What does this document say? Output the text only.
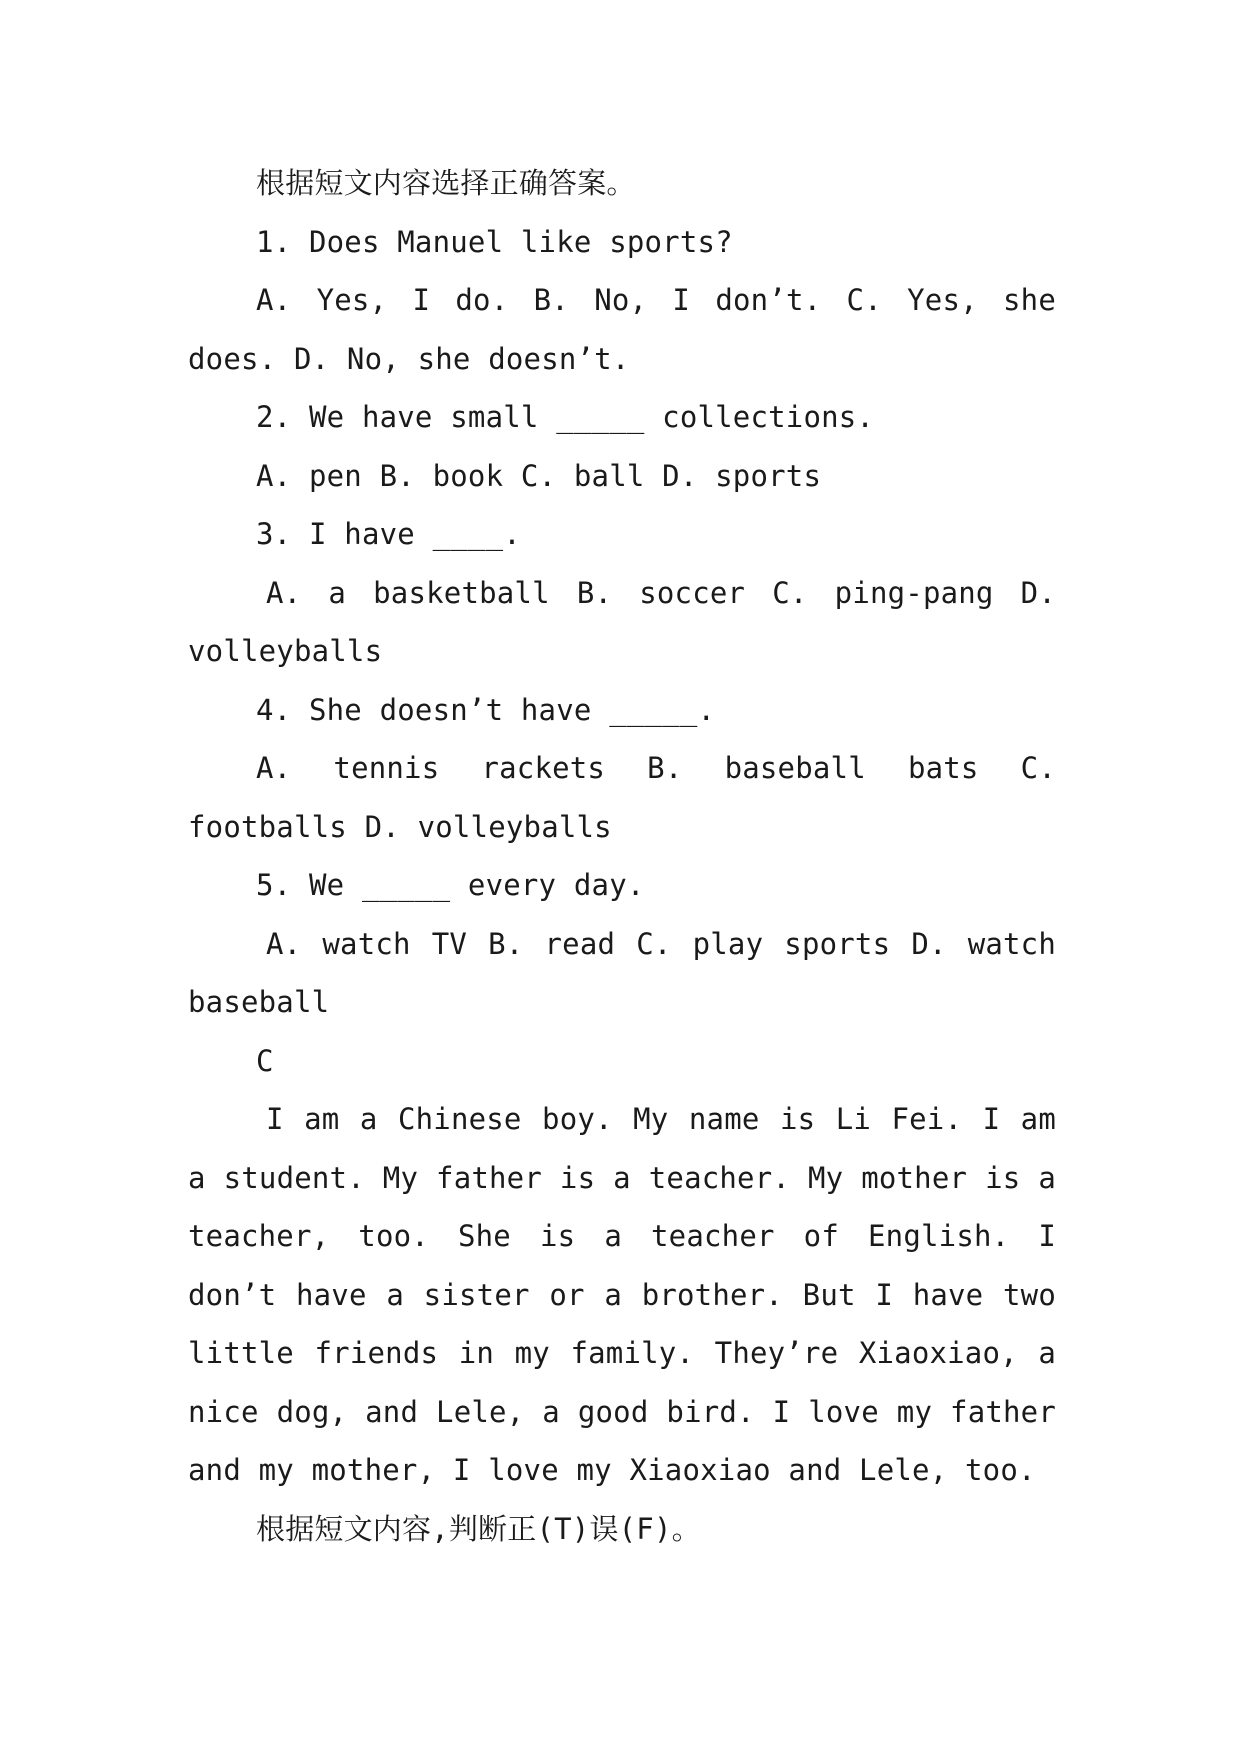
根据短文内容选择正确答案。

1. Does Manuel like sports?

A. Yes, I do. B. No, I don’t. C. Yes, she does. D. No, she doesn’t.

2. We have small _____ collections.

A. pen B. book C. ball D. sports

3. I have ____.

A. a basketball B. soccer C. ping-pang D. volleyballs

4. She doesn’t have _____.

A. tennis rackets B. baseball bats C. footballs D. volleyballs

5. We _____ every day.

A. watch TV B. read C. play sports D. watch baseball

C

I am a Chinese boy. My name is Li Fei. I am a student. My father is a teacher. My mother is a teacher, too. She is a teacher of English. I don’t have a sister or a brother. But I have two little friends in my family. They’re Xiaoxiao, a nice dog, and Lele, a good bird. I love my father and my mother, I love my Xiaoxiao and Lele, too.

根据短文内容,判断正(T)误(F)。
